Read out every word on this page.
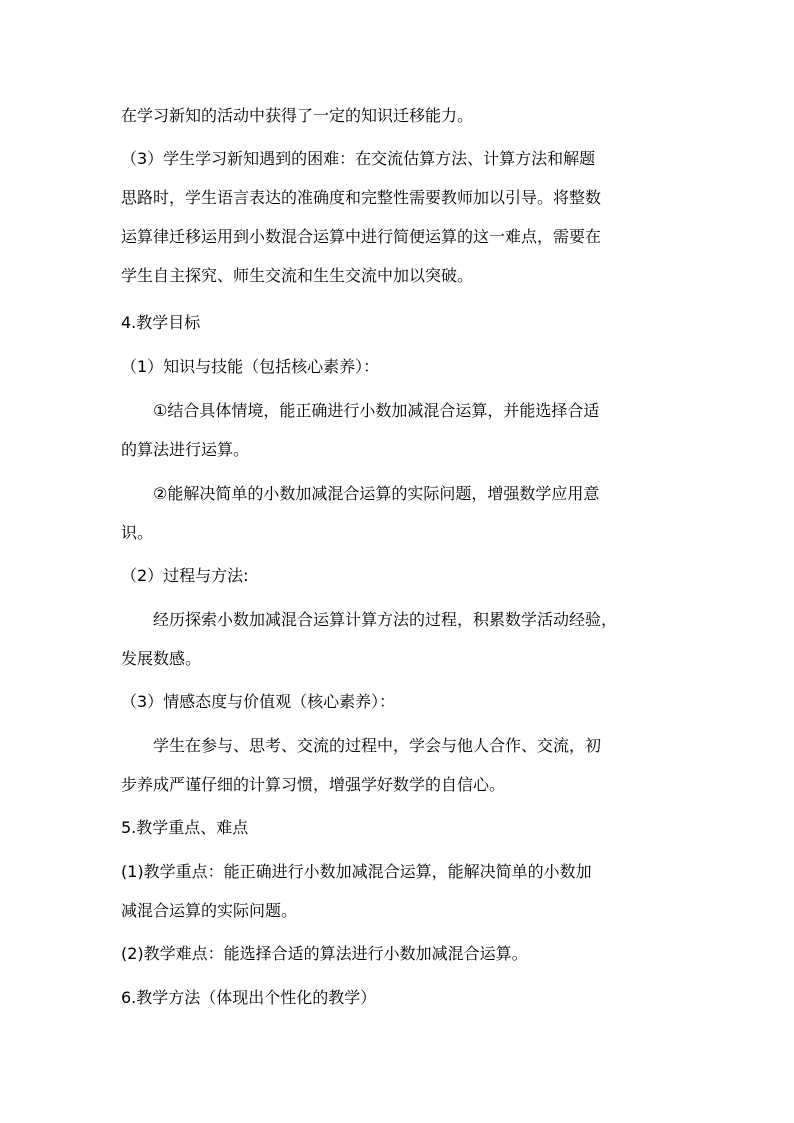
在学习新知的活动中获得了一定的知识迁移能力。
（3）学生学习新知遇到的困难：在交流估算方法、计算方法和解题
思路时，学生语言表达的准确度和完整性需要教师加以引导。将整数
运算律迁移运用到小数混合运算中进行简便运算的这一难点，需要在
学生自主探究、师生交流和生生交流中加以突破。
4.教学目标
（1）知识与技能（包括核心素养）：
①结合具体情境，能正确进行小数加减混合运算，并能选择合适
的算法进行运算。
②能解决简单的小数加减混合运算的实际问题，增强数学应用意
识。
（2）过程与方法:
经历探索小数加减混合运算计算方法的过程，积累数学活动经验，
发展数感。
（3）情感态度与价值观（核心素养）：
学生在参与、思考、交流的过程中，学会与他人合作、交流，初
步养成严谨仔细的计算习惯，增强学好数学的自信心。
5.教学重点、难点
(1)教学重点：能正确进行小数加减混合运算，能解决简单的小数加
减混合运算的实际问题。
(2)教学难点：能选择合适的算法进行小数加减混合运算。
6.教学方法（体现出个性化的教学）
